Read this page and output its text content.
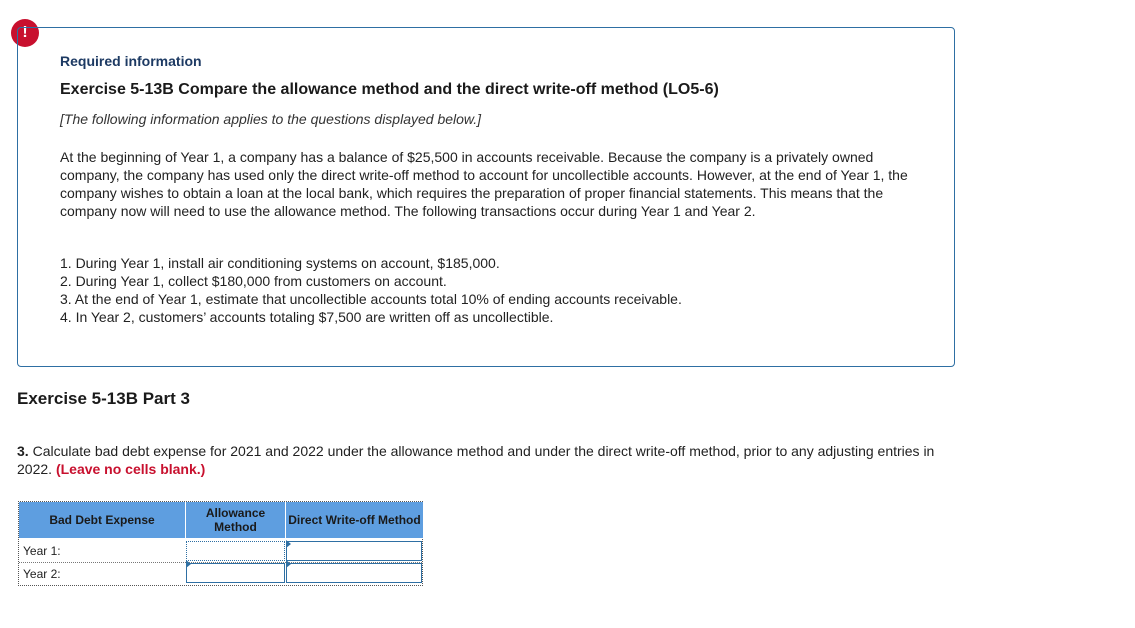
!
Required information
Exercise 5-13B Compare the allowance method and the direct write-off method (LO5-6)
[The following information applies to the questions displayed below.]
At the beginning of Year 1, a company has a balance of $25,500 in accounts receivable. Because the company is a privately owned company, the company has used only the direct write-off method to account for uncollectible accounts. However, at the end of Year 1, the company wishes to obtain a loan at the local bank, which requires the preparation of proper financial statements. This means that the company now will need to use the allowance method. The following transactions occur during Year 1 and Year 2.
1. During Year 1, install air conditioning systems on account, $185,000.
2. During Year 1, collect $180,000 from customers on account.
3. At the end of Year 1, estimate that uncollectible accounts total 10% of ending accounts receivable.
4. In Year 2, customers’ accounts totaling $7,500 are written off as uncollectible.
Exercise 5-13B Part 3
3. Calculate bad debt expense for 2021 and 2022 under the allowance method and under the direct write-off method, prior to any adjusting entries in 2022. (Leave no cells blank.)
Bad Debt Expense	Allowance Method	Direct Write-off Method
Year 1:
Year 2:
